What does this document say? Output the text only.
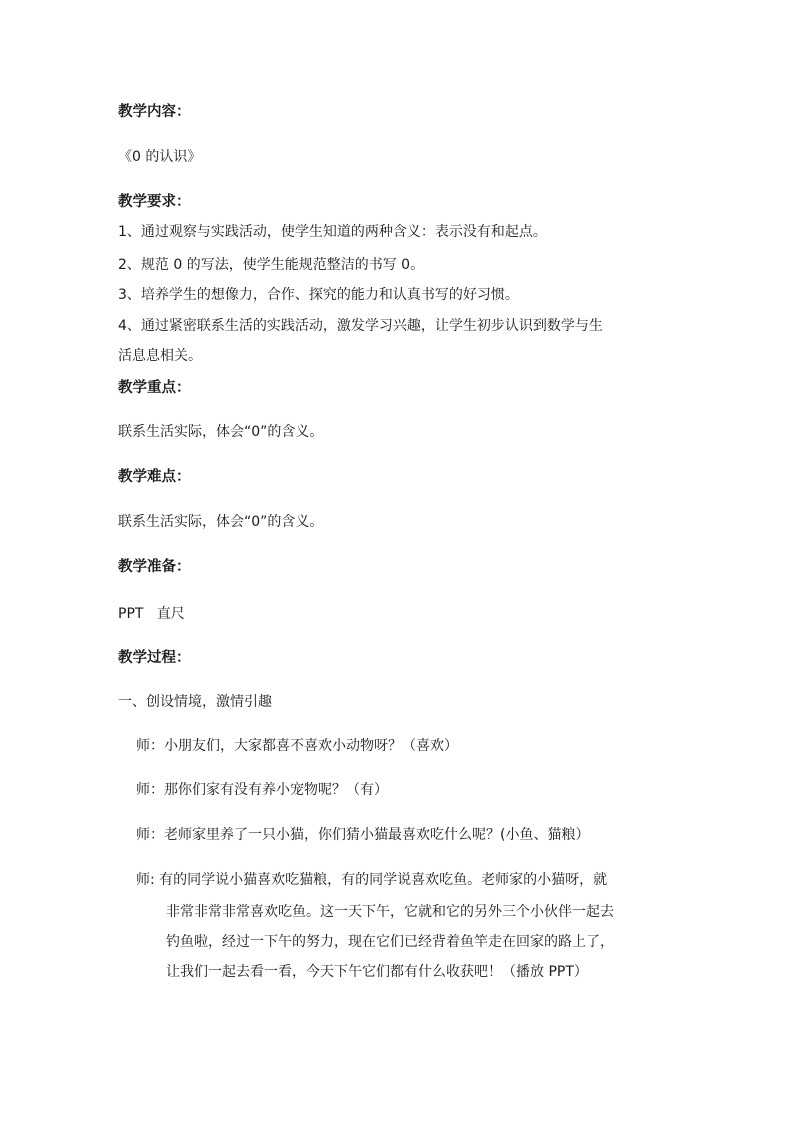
教学内容：
《0 的认识》
教学要求：
1、通过观察与实践活动，使学生知道的两种含义：表示没有和起点。
2、规范 0 的写法，使学生能规范整洁的书写 0。
3、培养学生的想像力，合作、探究的能力和认真书写的好习惯。
4、通过紧密联系生活的实践活动，激发学习兴趣，让学生初步认识到数学与生
活息息相关。
教学重点：
联系生活实际，体会“0”的含义。
教学难点：
联系生活实际，体会“0”的含义。
教学准备：
PPT   直尺
教学过程：
一、创设情境，激情引趣
师：小朋友们，大家都喜不喜欢小动物呀？（喜欢）
师：那你们家有没有养小宠物呢？（有）
师：老师家里养了一只小猫，你们猜小猫最喜欢吃什么呢？(小鱼、猫粮）
师: 有的同学说小猫喜欢吃猫粮，有的同学说喜欢吃鱼。老师家的小猫呀，就
非常非常非常喜欢吃鱼。这一天下午，它就和它的另外三个小伙伴一起去
钓鱼啦，经过一下午的努力，现在它们已经背着鱼竿走在回家的路上了，
让我们一起去看一看，今天下午它们都有什么收获吧！（播放 PPT）
